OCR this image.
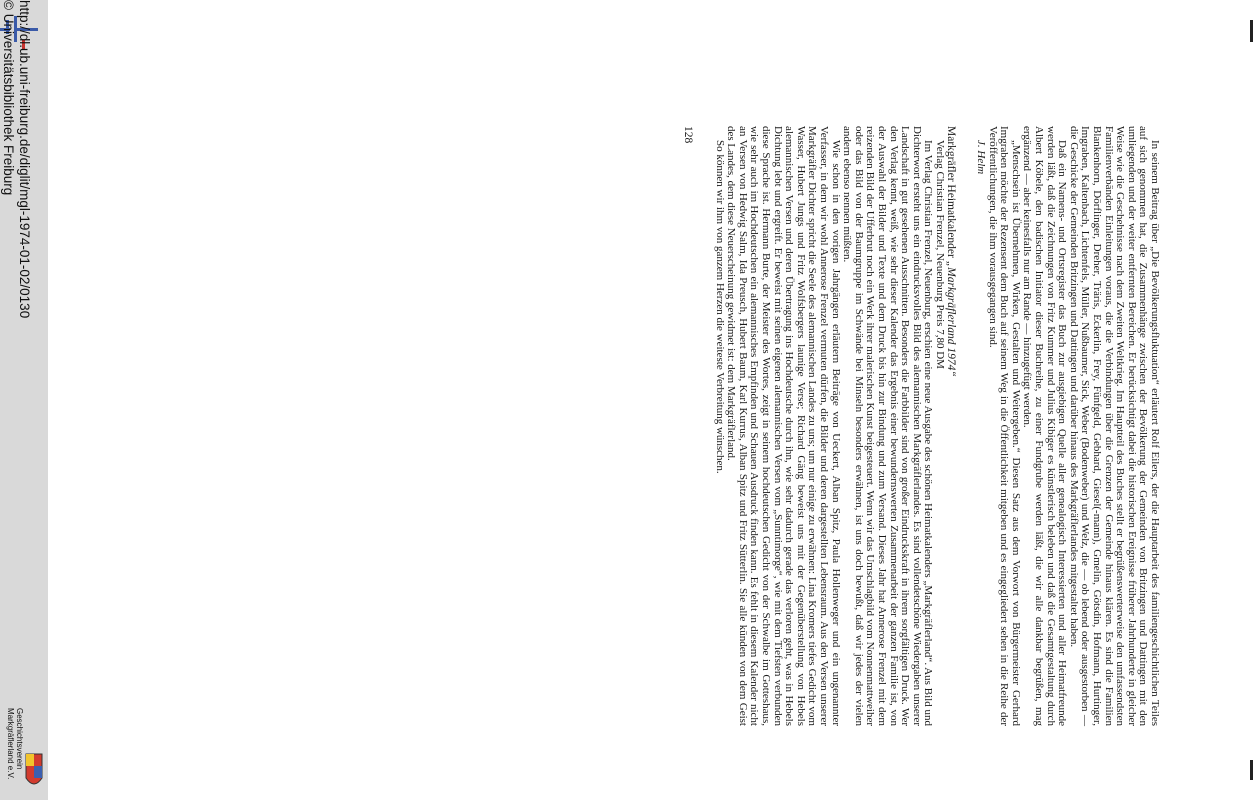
http://dl.ub.uni-freiburg.de/diglit/mgl-1974-01-02/0130
© Universitätsbibliothek Freiburg
Geschichtsverein
Markgräflerland e.V.

In seinem Beitrag über „Die Bevölkerungsfluktuation“ erläutert Rolf Eilers, der die Hauptarbeit des familiengeschichtlichen Teiles auf sich genommen hat, die Zusammenhänge zwischen der Bevölkerung der Gemeinden von Britzingen und Dattingen mit den umliegenden und der weiter entfernten Bereichen. Er berücksichtigt dabei die historischen Ereignisse früherer Jahrhunderte in gleicher Weise wie die Geschehnisse nach dem Zweiten Weltkrieg. Im Hauptteil des Buches stellt er begrüßenswerterweise den umfassendsten Familienverbänden Einleitungen voraus, die die Verbindungen über die Grenzen der Gemeinde hinaus klären. Es sind die Familien Blankenhorn, Dörflinger, Dreher, Träris, Eckerlin, Frey, Fünfgeld, Gebhard, Giesel(-mann), Gmelin, Götsdin, Hofmann, Hurtinger, Imgraben, Kaltenbach, Lichtenfels, Müller, Nußbaumer, Sick, Weber (Bodenweber) und Welz, die — ob lebend oder ausgestorben — die Geschicke der Gemeinden Britzingen und Dattingen und darüber hinaus des Markgräflerlandes mitgestaltet haben.

Daß ein Namens- und Ortsregister das Buch zur ausgiebigen Quelle aller genealogisch Interessierten und aller Heimatfreunde werden läßt, daß die Zeichnungen von Fritz Kummer und Julius Kibiger es künstlerisch beleben und daß die Gesamtgestaltung durch Albert Köbele, den badischen Initiator dieser Buchreihe, zu einer Fundgrube werden läßt, die wir alle dankbar begrüßen, mag ergänzend — aber keinesfalls nur am Rande — hinzugefügt werden.

„Menschsein ist Übernehmen, Wirken, Gestalten und Weitergeben.“ Diesen Satz aus dem Vorwort von Bürgermeister Gerhard Imgraben möchte der Rezensent dem Buch auf seinem Weg in die Öffentlichkeit mitgeben und es eingegliedert sehen in die Reihe der Veröffentlichungen, die ihm vorausgegangen sind.

J. Helm

Markgräfler Heimatkalender „Markgräflerland 1974“

Verlag Christian Frenzel, Neuenburg Preis 7,80 DM

Im Verlag Christian Frenzel, Neuenburg, erschien eine neue Ausgabe des schönen Heimatkalenders „Markgräflerland“. Aus Bild und Dichterwort ersteht uns ein eindrucksvolles Bild des alemannischen Markgräflerlandes. Es sind vollendetschöne Wiedergaben unserer Landschaft in gut gesehenen Ausschnitten. Besonders die Farbbilder sind von großer Eindruckskraft in ihrem sorgfältigen Druck. Wer den Verlag kennt, weiß, wie sehr dieser Kalender das Ergebnis einer bewundernswerten Zusammenarbeit der ganzen Familie ist, von der Auswahl der Bilder und Texte und dem Druck bis hin zur Bindung und zum Versand. Dieses Jahr hat Annerose Frenzel mit dem reizenden Bild der Ufferbrut noch ein Werk ihrer malerischen Kunst beigesteuert. Wenn wir das Umschlagbild vom Nonnenmattweiher oder das Bild von der Baumgruppe im Schwände bei Minseln besonders erwähnen, ist uns doch bewußt, daß wir jedes der vielen andern ebenso nennen müßten.

Wie schon in den vorigen Jahrgängen erläutern Beiträge von Ueckert, Alban Spitz, Paula Hollenweger und ein ungenannter Verfasser, in dem wir wohl Annerose Frenzel vermuten dürfen, die Bilder und deren dargestellten Lebensraum. Aus den Versen unserer Markgräfler Dichter spricht die Seele des alemannischen Landes zu uns; um nur einige zu erwähnen: Lina Kromers tiefes Gedicht vom Wasser, Hubert Jungs und Fritz Wolfsbergers launige Verse; Richard Gäng beweist uns mit der Gegenüberstellung von Hebels alemannischen Versen und deren Übertragung ins Hochdeutsche durch ihn, wie sehr dadurch gerade das verloren geht, was in Hebels Dichtung lebt und ergreift. Er beweist mit seinen eigenen alemannischen Versen vom „Sunntimorge“, wie mit dem Tiefsten verbunden diese Sprache ist. Hermann Burte, der Meister des Wortes, zeigt in seinem hochdeutschen Gedicht von der Schwalbe im Gotteshaus, wie sehr auch im Hochdeutschen ein alemannisches Empfinden und Schauen Ausdruck finden kann. Es fehlt in diesem Kalender nicht an Versen von Hedwig Salm, Ida Preusch, Hubert Baum, Karl Kurrus, Alban Spitz und Fritz Sütterlin. Sie alle künden von dem Geist des Landes, dem diese Neuerscheinung gewidmet ist: dem Markgräflerland.

So können wir ihm von ganzem Herzen die weiteste Verbreitung wünschen.

128
